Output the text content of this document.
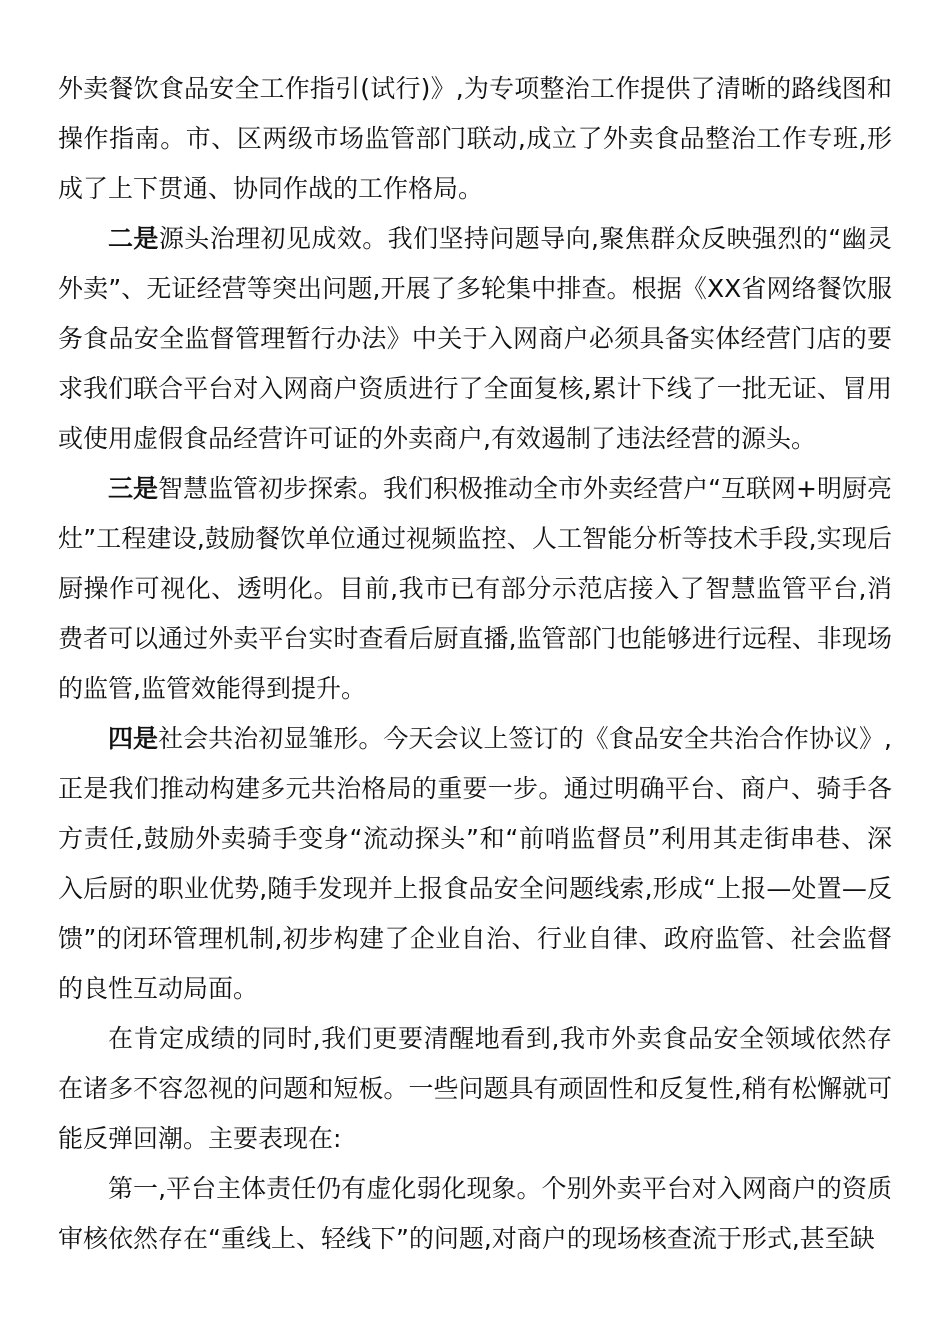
外卖餐饮食品安全工作指引(试行)》,为专项整治工作提供了清晰的路线图和操作指南。市、区两级市场监管部门联动,成立了外卖食品整治工作专班,形成了上下贯通、协同作战的工作格局。

二是源头治理初见成效。我们坚持问题导向,聚焦群众反映强烈的“幽灵外卖”、无证经营等突出问题,开展了多轮集中排查。根据《XX省网络餐饮服务食品安全监督管理暂行办法》中关于入网商户必须具备实体经营门店的要求我们联合平台对入网商户资质进行了全面复核,累计下线了一批无证、冒用或使用虚假食品经营许可证的外卖商户,有效遏制了违法经营的源头。

三是智慧监管初步探索。我们积极推动全市外卖经营户“互联网+明厨亮灶”工程建设,鼓励餐饮单位通过视频监控、人工智能分析等技术手段,实现后厨操作可视化、透明化。目前,我市已有部分示范店接入了智慧监管平台,消费者可以通过外卖平台实时查看后厨直播,监管部门也能够进行远程、非现场的监管,监管效能得到提升。

四是社会共治初显雏形。今天会议上签订的《食品安全共治合作协议》,正是我们推动构建多元共治格局的重要一步。通过明确平台、商户、骑手各方责任,鼓励外卖骑手变身“流动探头”和“前哨监督员”利用其走街串巷、深入后厨的职业优势,随手发现并上报食品安全问题线索,形成“上报—处置—反馈”的闭环管理机制,初步构建了企业自治、行业自律、政府监管、社会监督的良性互动局面。

在肯定成绩的同时,我们更要清醒地看到,我市外卖食品安全领域依然存在诸多不容忽视的问题和短板。一些问题具有顽固性和反复性,稍有松懈就可能反弹回潮。主要表现在:

第一,平台主体责任仍有虚化弱化现象。个别外卖平台对入网商户的资质审核依然存在“重线上、轻线下”的问题,对商户的现场核查流于形式,甚至缺
